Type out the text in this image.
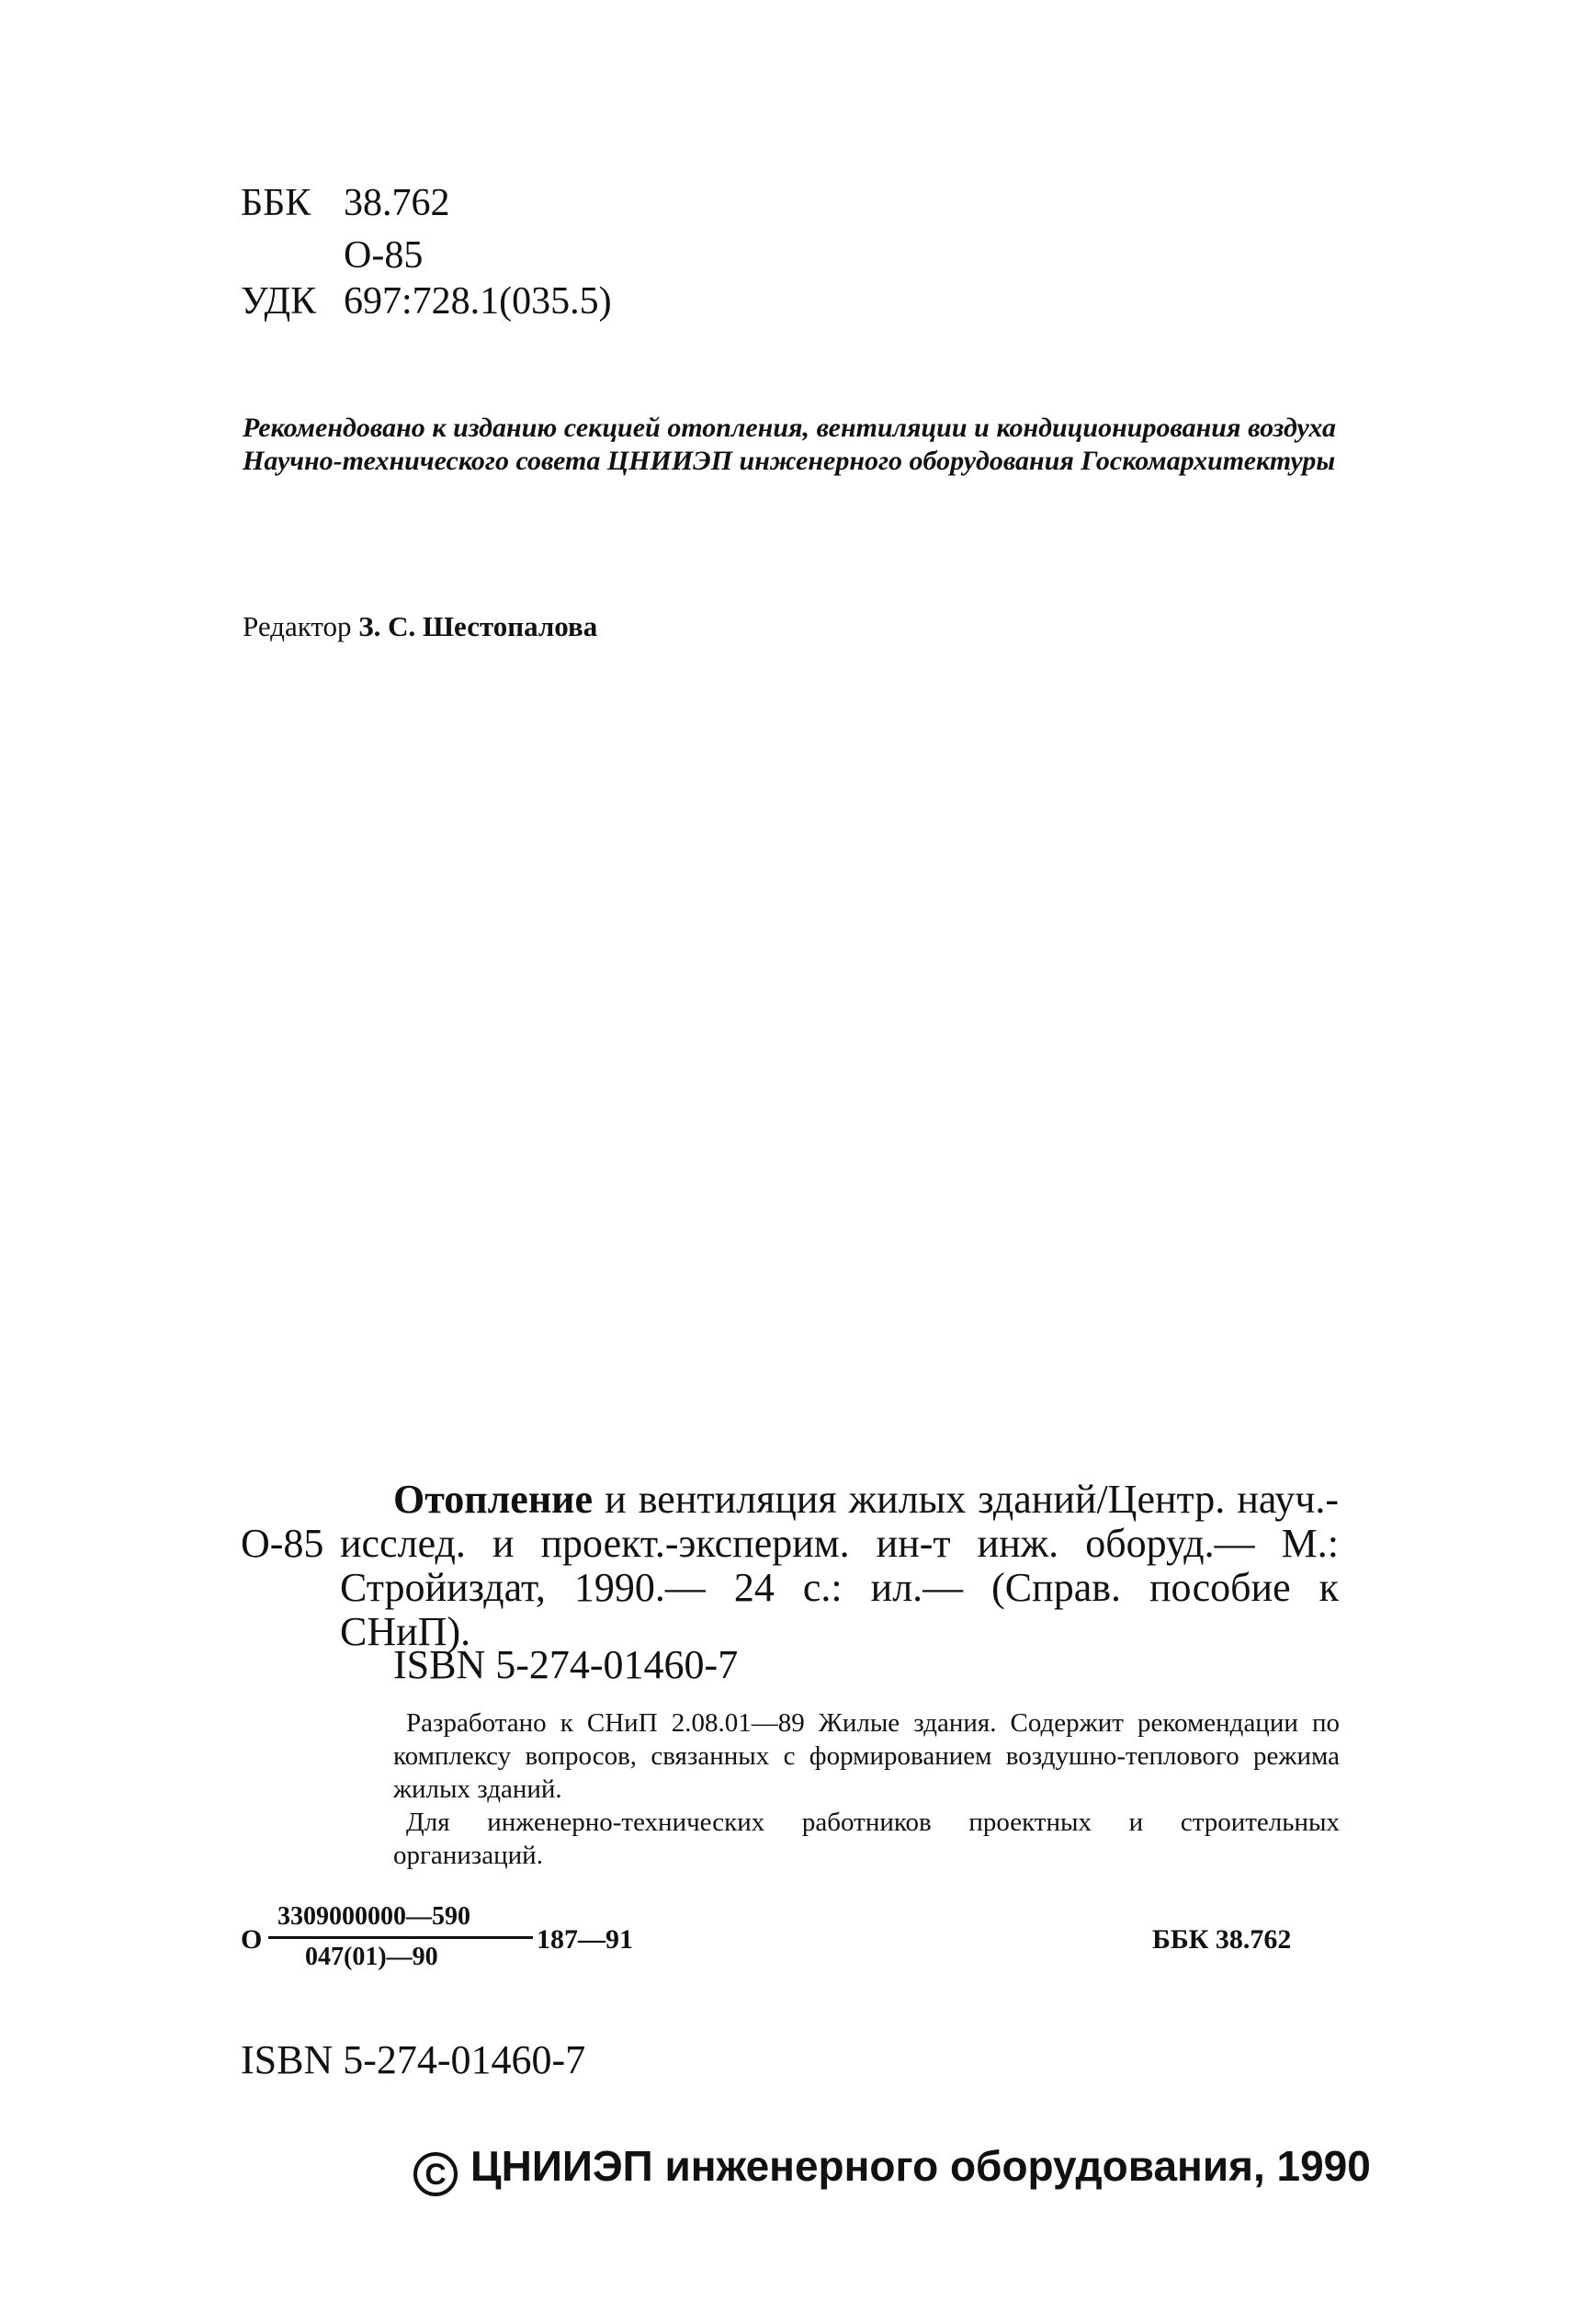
ББК 38.762
О-85
УДК 697:728.1(035.5)
Рекомендовано к изданию секцией отопления, вентиляции и кондиционирования воздуха Научно-технического совета ЦНИИЭП инженерного оборудования Госкомархитектуры
Редактор З. С. Шестопалова
О-85
Отопление и вентиляция жилых зданий/Центр. науч.-исслед. и проект.-эксперим. ин-т инж. оборуд.— М.: Стройиздат, 1990.— 24 с.: ил.— (Справ. пособие к СНиП).
ISBN 5-274-01460-7

Разработано к СНиП 2.08.01—89 Жилые здания. Содержит рекомендации по комплексу вопросов, связанных с формированием воздушно-теплового режима жилых зданий.

Для инженерно-технических работников проектных и строительных организаций.

О
3309000000—590
047(01)—90
187—91	ББК 38.762
ISBN 5-274-01460-7
C ЦНИИЭП инженерного оборудования, 1990
